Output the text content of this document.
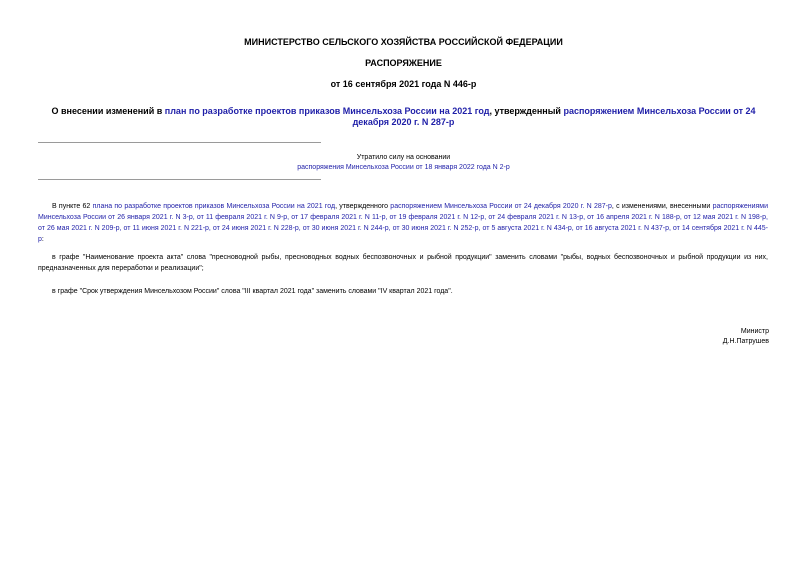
МИНИСТЕРСТВО СЕЛЬСКОГО ХОЗЯЙСТВА РОССИЙСКОЙ ФЕДЕРАЦИИ
РАСПОРЯЖЕНИЕ
от 16 сентября 2021 года N 446-р
О внесении изменений в план по разработке проектов приказов Минсельхоза России на 2021 год, утвержденный распоряжением Минсельхоза России от 24 декабря 2020 г. N 287-р
Утратило силу на основании
распоряжения Минсельхоза России от 18 января 2022 года N 2-р
В пункте 62 плана по разработке проектов приказов Минсельхоза России на 2021 год, утвержденного распоряжением Минсельхоза России от 24 декабря 2020 г. N 287-р, с изменениями, внесенными распоряжениями Минсельхоза России от 26 января 2021 г. N 3-р, от 11 февраля 2021 г. N 9-р, от 17 февраля 2021 г. N 11-р, от 19 февраля 2021 г. N 12-р, от 24 февраля 2021 г. N 13-р, от 16 апреля 2021 г. N 188-р, от 12 мая 2021 г. N 198-р, от 26 мая 2021 г. N 209-р, от 11 июня 2021 г. N 221-р, от 24 июня 2021 г. N 228-р, от 30 июня 2021 г. N 244-р, от 30 июня 2021 г. N 252-р, от 5 августа 2021 г. N 434-р, от 16 августа 2021 г. N 437-р, от 14 сентября 2021 г. N 445-р:
в графе "Наименование проекта акта" слова "пресноводной рыбы, пресноводных водных беспозвоночных и рыбной продукции" заменить словами "рыбы, водных беспозвоночных и рыбной продукции из них, предназначенных для переработки и реализации";
в графе "Срок утверждения Минсельхозом России" слова "III квартал 2021 года" заменить словами "IV квартал 2021 года".
Министр
Д.Н.Патрушев
